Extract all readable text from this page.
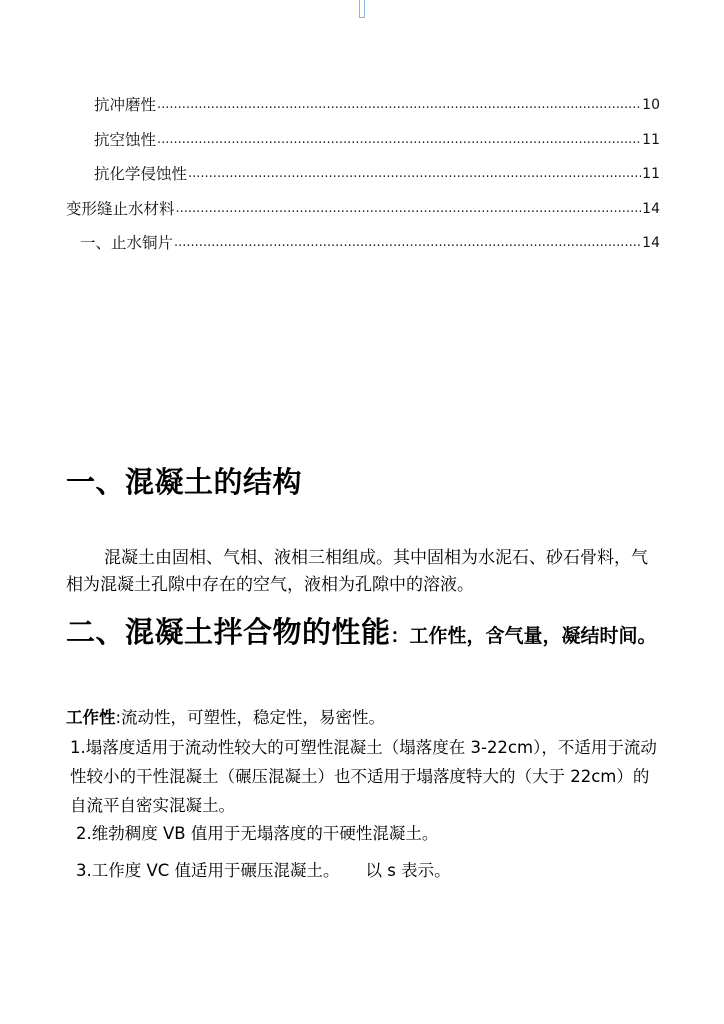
抗冲磨性 .....	10
抗空蚀性 .....	11
抗化学侵蚀性 .....	11
变形缝止水材料 .....	14
一、止水铜片 .....	14
一、混凝土的结构
混凝土由固相、气相、液相三相组成。其中固相为水泥石、砂石骨料，气相为混凝土孔隙中存在的空气，液相为孔隙中的溶液。
二、混凝土拌合物的性能：工作性，含气量，凝结时间。
工作性:流动性，可塑性，稳定性，易密性。
1.塌落度适用于流动性较大的可塑性混凝土（塌落度在 3-22cm），不适用于流动性较小的干性混凝土（碾压混凝土）也不适用于塌落度特大的（大于 22cm）的自流平自密实混凝土。
2.维勃稠度 VB 值用于无塌落度的干硬性混凝土。
3.工作度 VC 值适用于碾压混凝土。 以 s 表示。
